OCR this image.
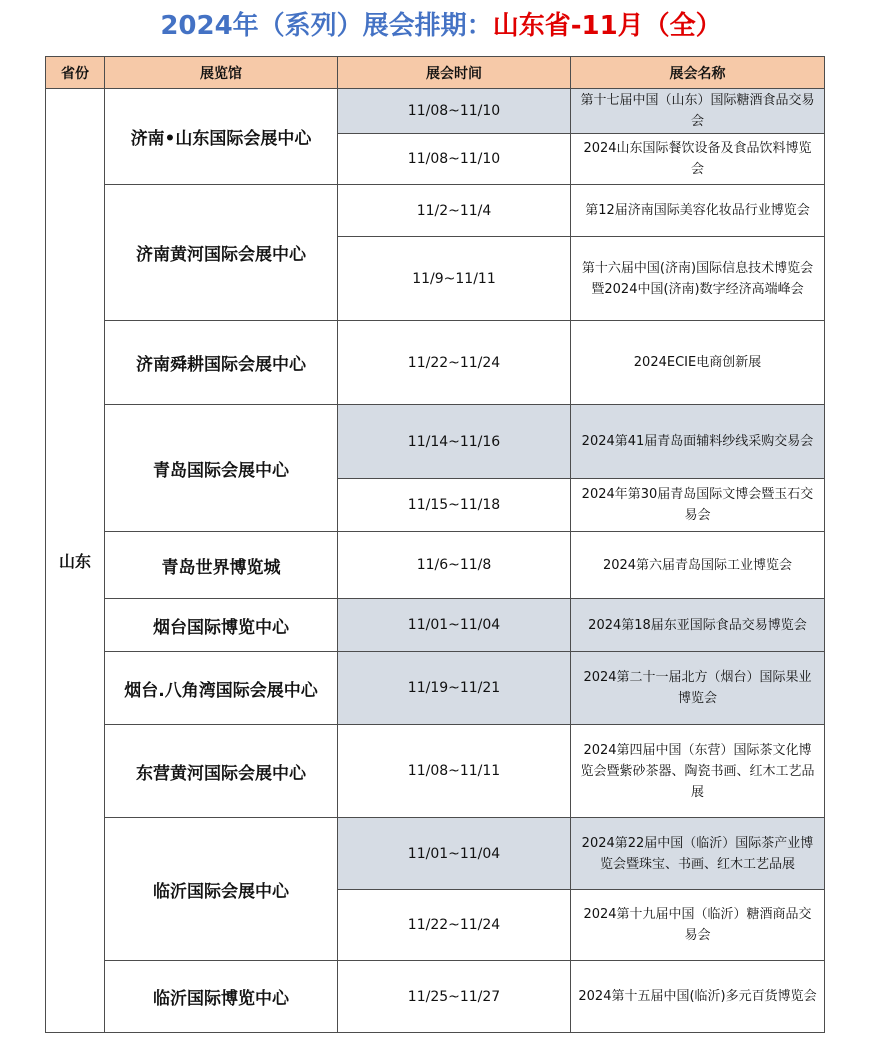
2024年（系列）展会排期：山东省-11月（全）
省份	展览馆	展会时间	展会名称
山东	济南•山东国际会展中心	11/08~11/10	第十七届中国（山东）国际糖酒食品交易会
		11/08~11/10	2024山东国际餐饮设备及食品饮料博览会
	济南黄河国际会展中心	11/2~11/4	第12届济南国际美容化妆品行业博览会
		11/9~11/11	第十六届中国(济南)国际信息技术博览会暨2024中国(济南)数字经济高端峰会
	济南舜耕国际会展中心	11/22~11/24	2024ECIE电商创新展
	青岛国际会展中心	11/14~11/16	2024第41届青岛面辅料纱线采购交易会
		11/15~11/18	2024年第30届青岛国际文博会暨玉石交易会
	青岛世界博览城	11/6~11/8	2024第六届青岛国际工业博览会
	烟台国际博览中心	11/01~11/04	2024第18届东亚国际食品交易博览会
	烟台.八角湾国际会展中心	11/19~11/21	2024第二十一届北方（烟台）国际果业博览会
	东营黄河国际会展中心	11/08~11/11	2024第四届中国（东营）国际茶文化博览会暨紫砂茶器、陶瓷书画、红木工艺品展
	临沂国际会展中心	11/01~11/04	2024第22届中国（临沂）国际茶产业博览会暨珠宝、书画、红木工艺品展
		11/22~11/24	2024第十九届中国（临沂）糖酒商品交易会
	临沂国际博览中心	11/25~11/27	2024第十五届中国(临沂)多元百货博览会
